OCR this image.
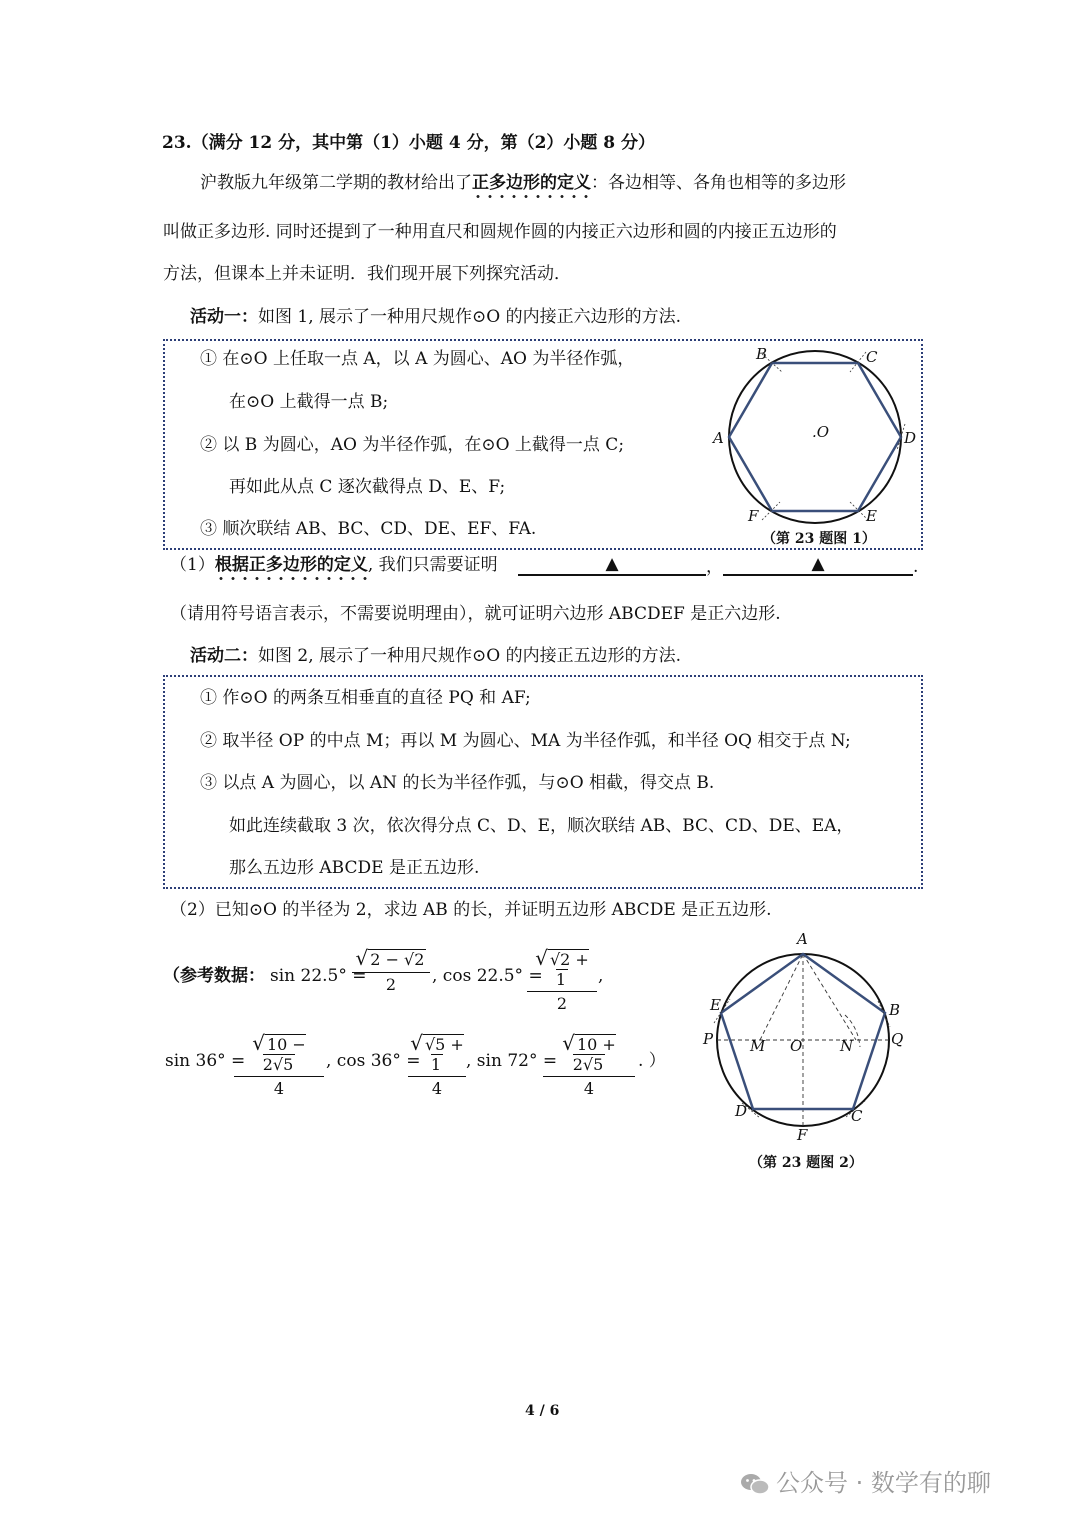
23.（满分 12 分，其中第（1）小题 4 分，第（2）小题 8 分）
沪教版九年级第二学期的教材给出了正多边形的定义：各边相等、各角也相等的多边形
叫做正多边形. 同时还提到了一种用直尺和圆规作圆的内接正六边形和圆的内接正五边形的
方法，但课本上并未证明．我们现开展下列探究活动．
活动一：如图 1, 展示了一种用尺规作⊙O 的内接正六边形的方法.
① 在⊙O 上任取一点 A，以 A 为圆心、AO 为半径作弧，
在⊙O 上截得一点 B;
② 以 B 为圆心，AO 为半径作弧，在⊙O 上截得一点 C;
再如此从点 C 逐次截得点 D、E、F;
③ 顺次联结 AB、BC、CD、DE、EF、FA.
B	C
A	.O	D
F	E
（第 23 题图 1）
（1）根据正多边形的定义, 我们只需要证明	▲	，	▲	.
（请用符号语言表示，不需要说明理由），就可证明六边形 ABCDEF 是正六边形.
活动二：如图 2, 展示了一种用尺规作⊙O 的内接正五边形的方法.
① 作⊙O 的两条互相垂直的直径 PQ 和 AF;
② 取半径 OP 的中点 M；再以 M 为圆心、MA 为半径作弧，和半径 OQ 相交于点 N;
③ 以点 A 为圆心，以 AN 的长为半径作弧，与⊙O 相截，得交点 B.
如此连续截取 3 次，依次得分点 C、D、E，顺次联结 AB、BC、CD、DE、EA，
那么五边形 ABCDE 是正五边形.
（2）已知⊙O 的半径为 2，求边 AB 的长，并证明五边形 ABCDE 是正五边形.
（参考数据： sin 22.5° =
√ 2 − √2
2	, cos 22.5° =
√ √2 + 1
2
,
sin 36° =
√ 10 − 2√5
4
, cos 36° =
√ √5 + 1
4
, sin 72° =
√ 10 + 2√5
4
. ）
A
E	B
P M O	N	Q
D	C
F
（第 23 题图 2）
4 / 6
公众号 · 数学有的聊
